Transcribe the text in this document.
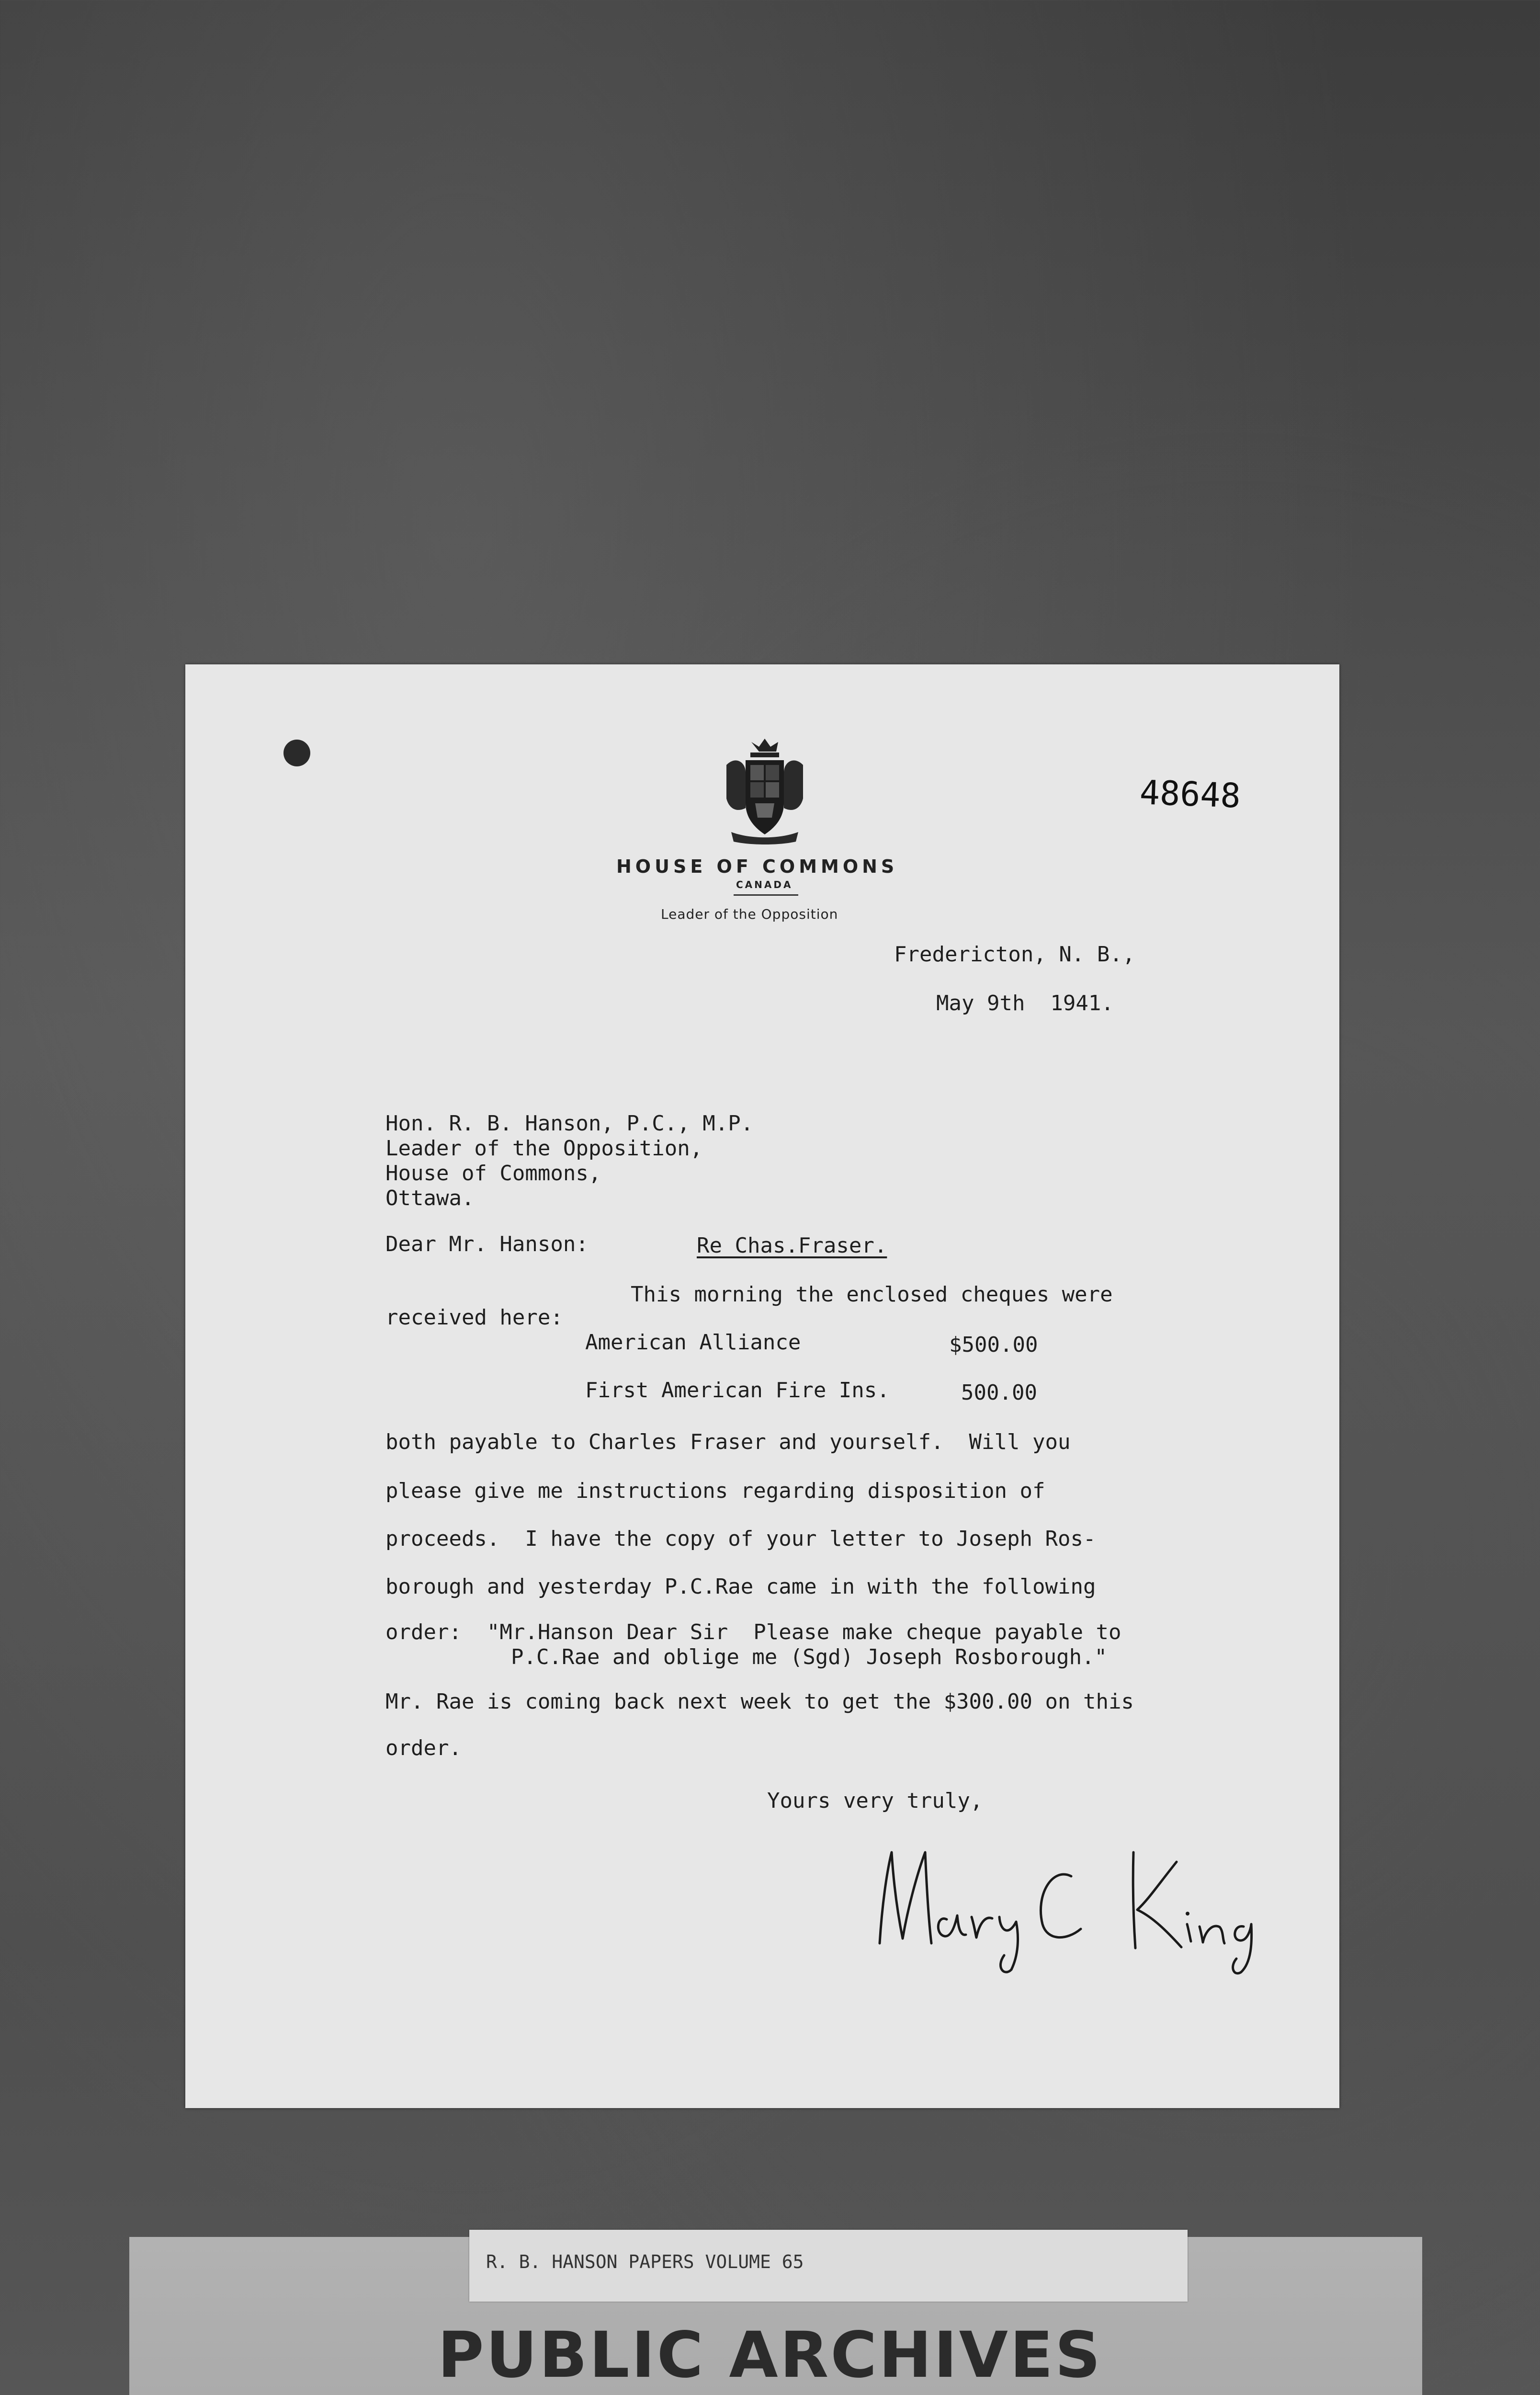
HOUSE OF COMMONS
CANADA
Leader of the Opposition
48648
Fredericton, N. B.,
May 9th  1941.
Hon. R. B. Hanson, P.C., M.P.
Leader of the Opposition,
House of Commons,
Ottawa.
Dear Mr. Hanson:	Re Chas.Fraser.
This morning the enclosed cheques were
received here:
American Alliance	$500.00
First American Fire Ins.	500.00
both payable to Charles Fraser and yourself.  Will you
please give me instructions regarding disposition of
proceeds.  I have the copy of your letter to Joseph Ros-
borough and yesterday P.C.Rae came in with the following
order:  "Mr.Hanson Dear Sir  Please make cheque payable to
P.C.Rae and oblige me (Sgd) Joseph Rosborough."
Mr. Rae is coming back next week to get the $300.00 on this
order.
Yours very truly,
R. B. HANSON PAPERS VOLUME 65
PUBLIC ARCHIVES
